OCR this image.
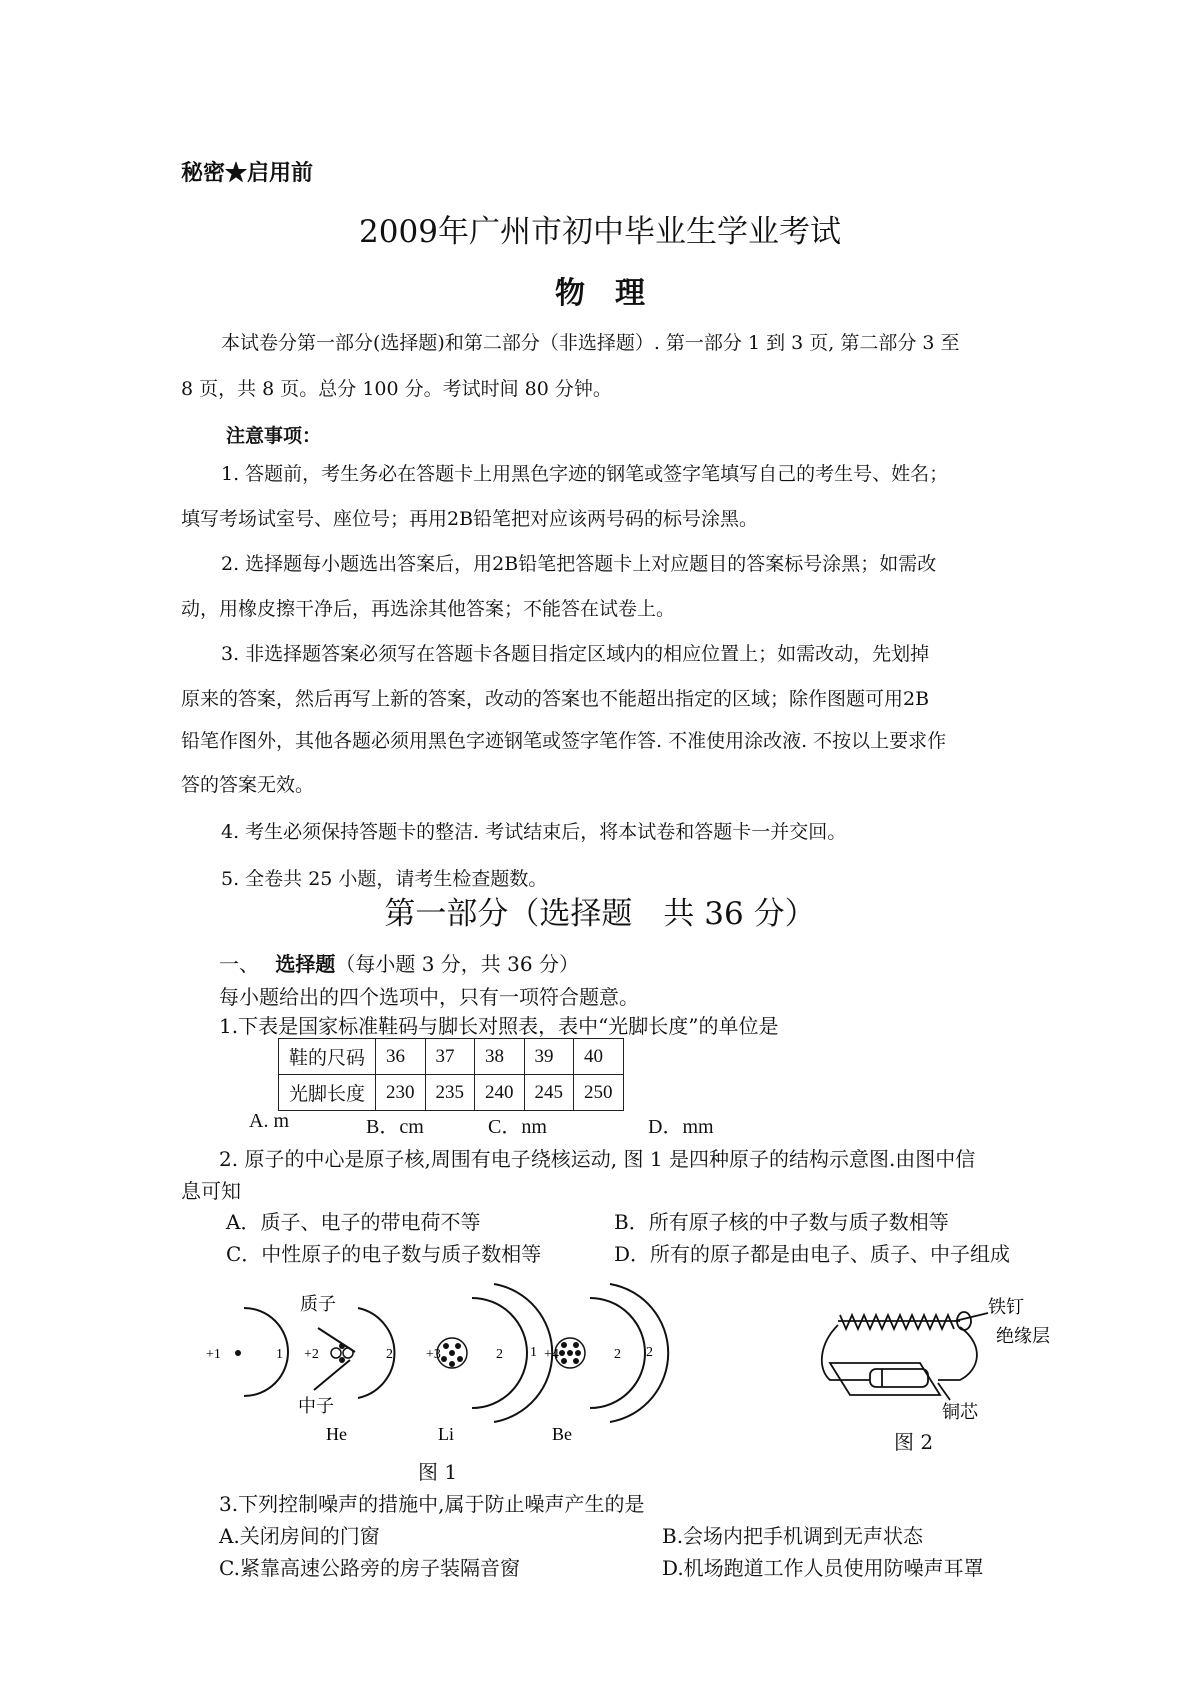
秘密★启用前
2009年广州市初中毕业生学业考试
物理
本试卷分第一部分(选择题)和第二部分（非选择题）. 第一部分 1 到 3 页, 第二部分 3 至
8 页，共 8 页。总分 100 分。考试时间 80 分钟。
注意事项：
1. 答题前，考生务必在答题卡上用黑色字迹的钢笔或签字笔填写自己的考生号、姓名；
填写考场试室号、座位号；再用2B铅笔把对应该两号码的标号涂黑。
2. 选择题每小题选出答案后，用2B铅笔把答题卡上对应题目的答案标号涂黑；如需改
动，用橡皮擦干净后，再选涂其他答案；不能答在试卷上。
3. 非选择题答案必须写在答题卡各题目指定区域内的相应位置上；如需改动，先划掉
原来的答案，然后再写上新的答案，改动的答案也不能超出指定的区域；除作图题可用2B
铅笔作图外，其他各题必须用黑色字迹钢笔或签字笔作答. 不准使用涂改液. 不按以上要求作
答的答案无效。
4. 考生必须保持答题卡的整洁. 考试结束后，将本试卷和答题卡一并交回。
5. 全卷共 25 小题，请考生检查题数。
第一部分（选择题　共 36 分）
一、 选择题（每小题 3 分，共 36 分）
每小题给出的四个选项中，只有一项符合题意。
1.下表是国家标准鞋码与脚长对照表，表中“光脚长度”的单位是
鞋的尺码	36	37	38	39	40
光脚长度	230	235	240	245	250
A. m	B．cm	C．nm	D．mm
2. 原子的中心是原子核,周围有电子绕核运动, 图 1 是四种原子的结构示意图.由图中信
息可知
A．质子、电子的带电荷不等	B．所有原子核的中子数与质子数相等
C．中性原子的电子数与质子数相等	D．所有的原子都是由电子、质子、中子组成
质子
中子
+1	1 +2	2 +3	2 1 +4	2 2
He	Li	Be
图 1
铁钉
绝缘层
铜芯
图 2
3.下列控制噪声的措施中,属于防止噪声产生的是
A.关闭房间的门窗	B.会场内把手机调到无声状态
C.紧靠高速公路旁的房子装隔音窗	D.机场跑道工作人员使用防噪声耳罩
